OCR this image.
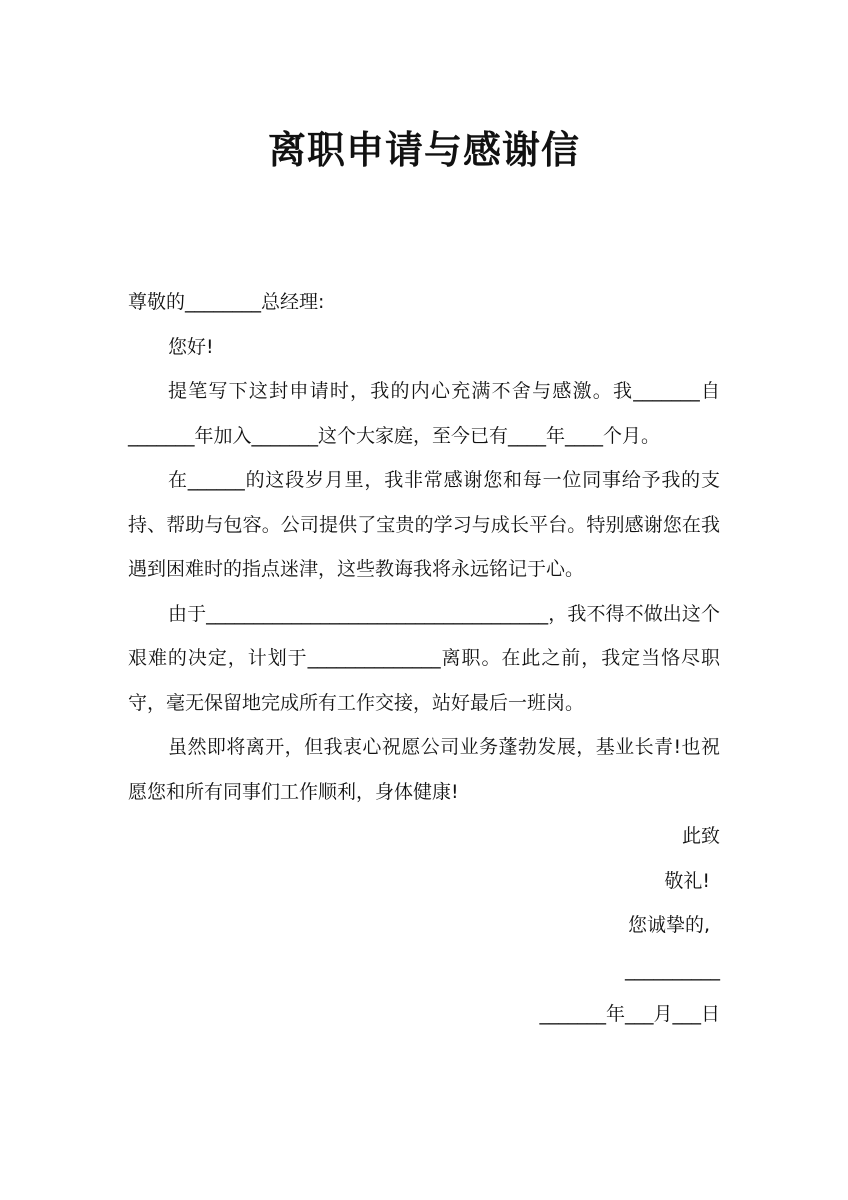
离职申请与感谢信

尊敬的________总经理:

您好!

提笔写下这封申请时，我的内心充满不舍与感激。我_______自_______年加入_______这个大家庭，至今已有____年____个月。

在______的这段岁月里，我非常感谢您和每一位同事给予我的支持、帮助与包容。公司提供了宝贵的学习与成长平台。特别感谢您在我遇到困难时的指点迷津，这些教诲我将永远铭记于心。

由于____________________________________，我不得不做出这个艰难的决定，计划于______________离职。在此之前，我定当恪尽职守，毫无保留地完成所有工作交接，站好最后一班岗。

虽然即将离开，但我衷心祝愿公司业务蓬勃发展，基业长青!也祝愿您和所有同事们工作顺利，身体健康!

此致

敬礼!

您诚挚的,

__________

_______年___月___日
